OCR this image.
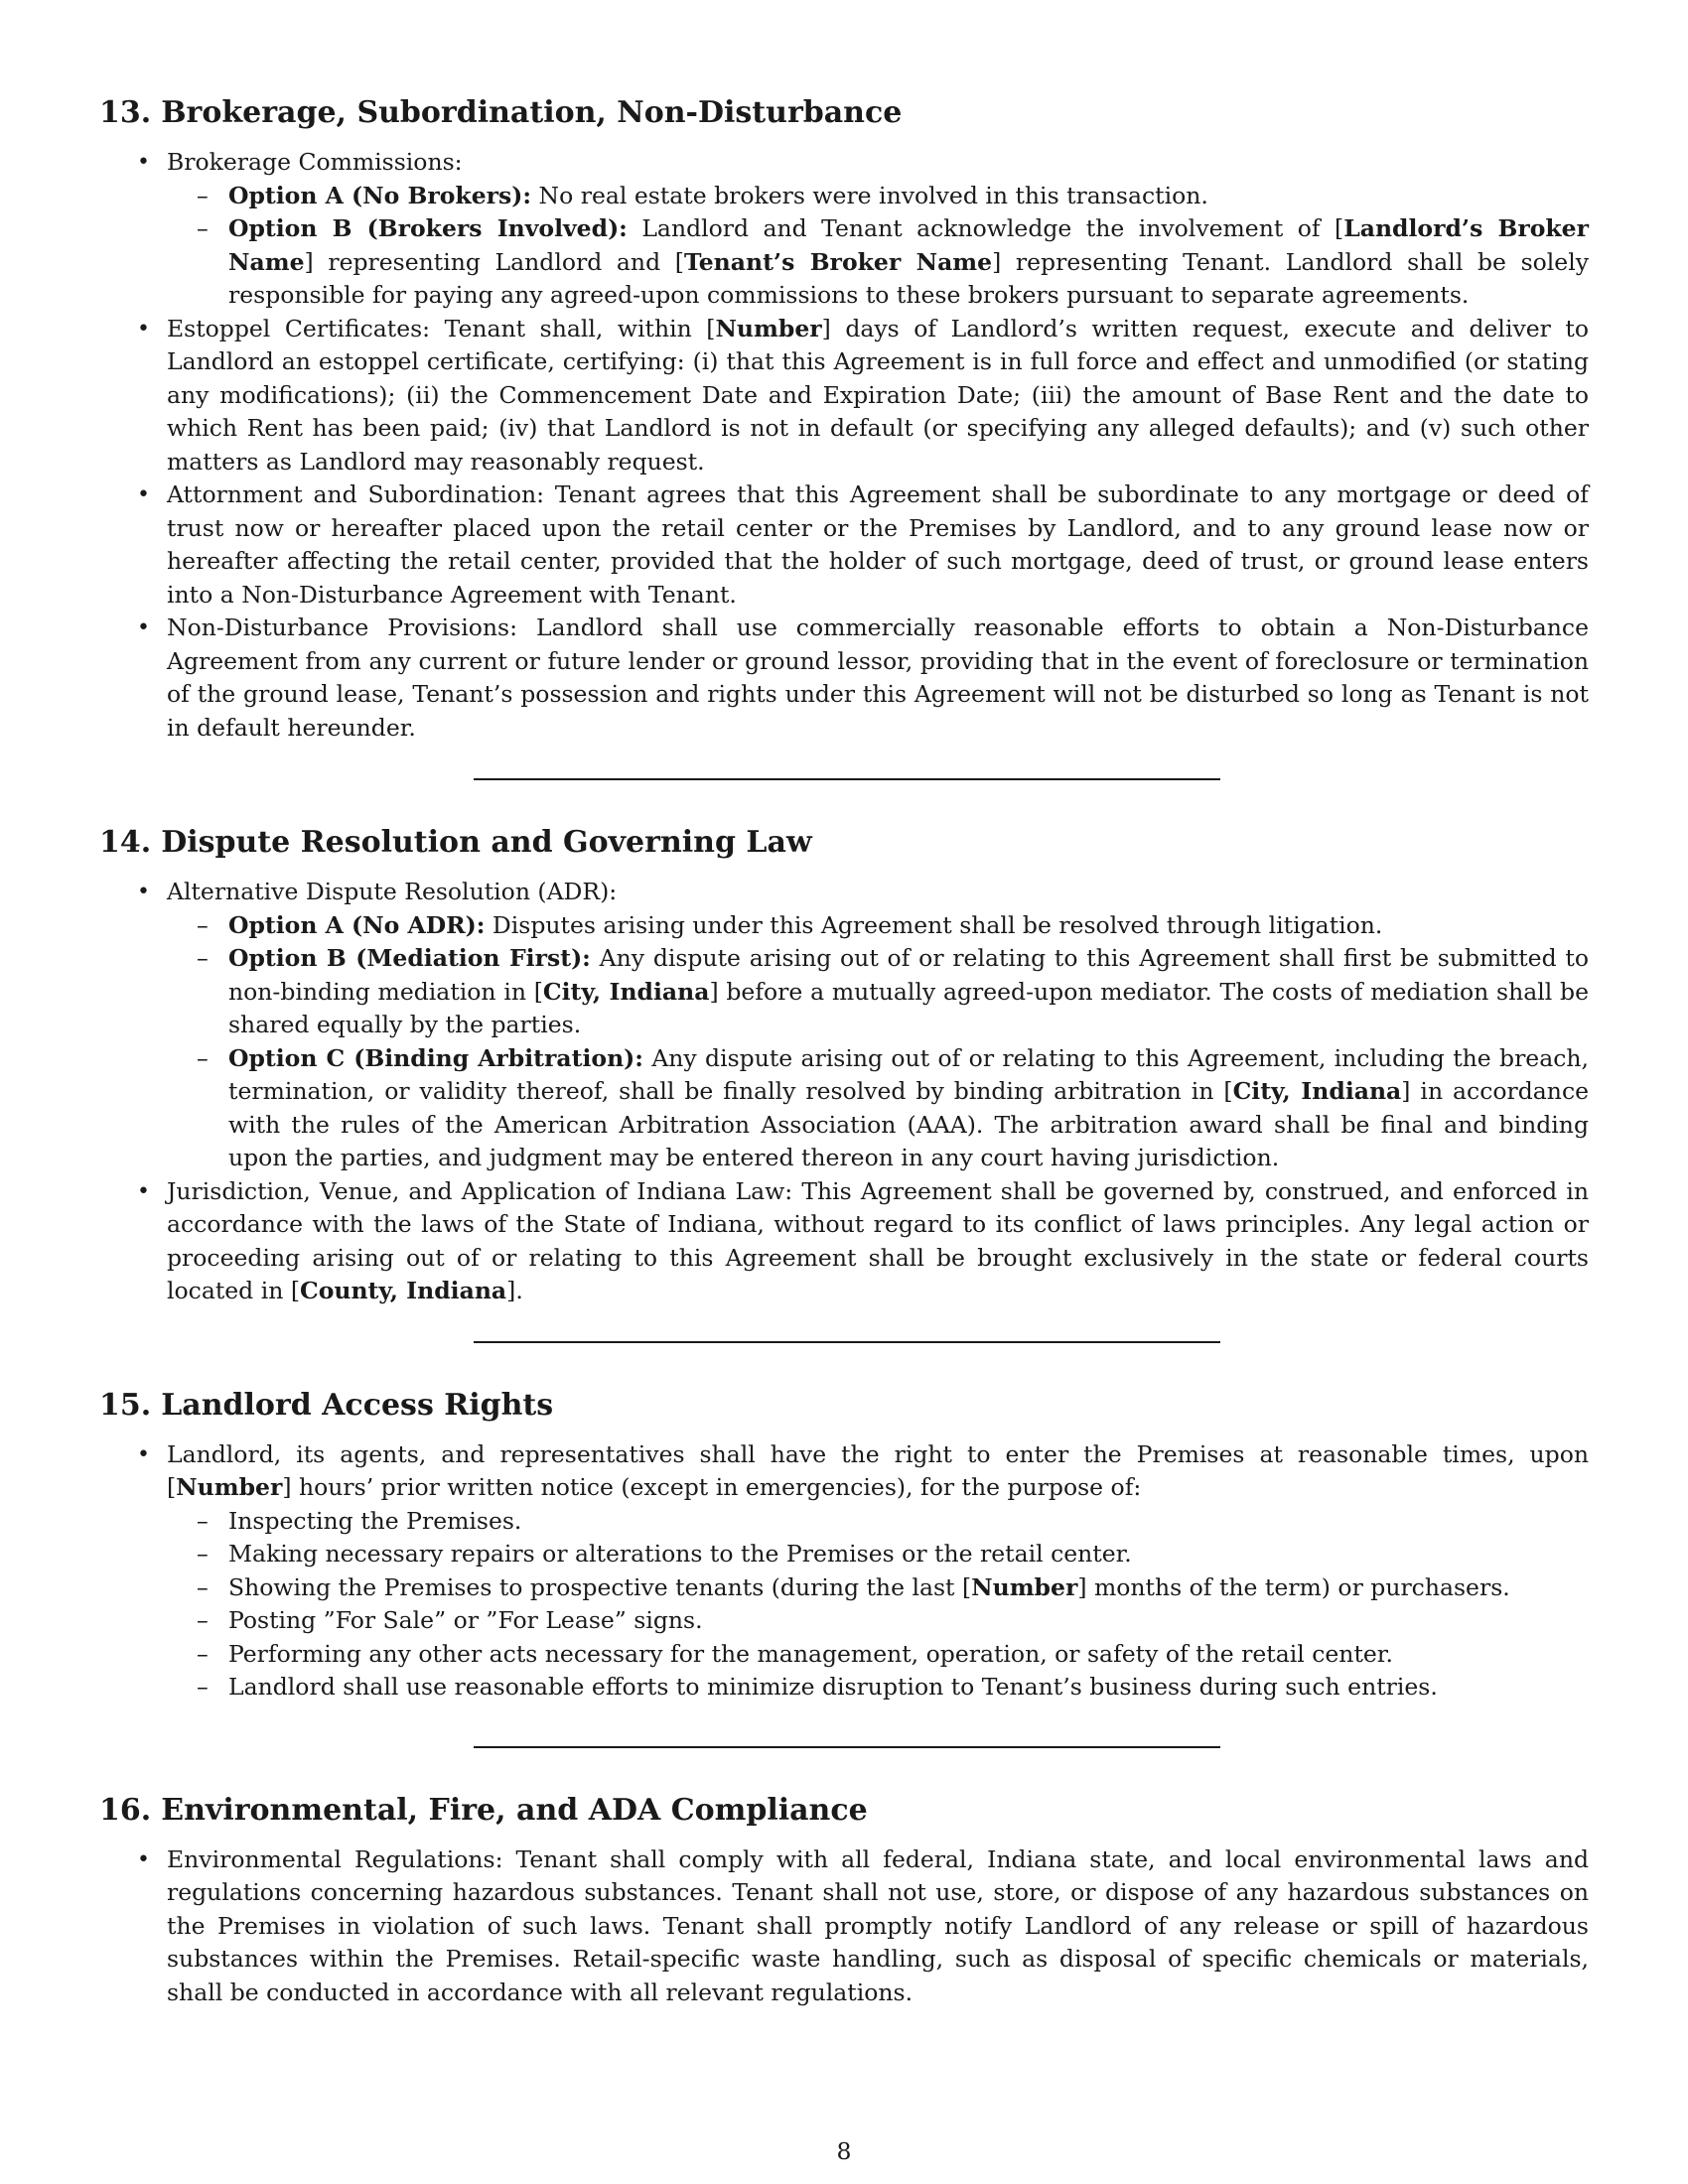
13. Brokerage, Subordination, Non-Disturbance
• Brokerage Commissions:
– Option A (No Brokers): No real estate brokers were involved in this transaction.
– Option B (Brokers Involved): Landlord and Tenant acknowledge the involvement of [Landlord’s Broker Name] representing Landlord and [Tenant’s Broker Name] representing Tenant. Landlord shall be solely responsible for paying any agreed-upon commissions to these brokers pursuant to separate agreements.
• Estoppel Certificates: Tenant shall, within [Number] days of Landlord’s written request, execute and deliver to Landlord an estoppel certificate, certifying: (i) that this Agreement is in full force and effect and unmodified (or stating any modifications); (ii) the Commencement Date and Expiration Date; (iii) the amount of Base Rent and the date to which Rent has been paid; (iv) that Landlord is not in default (or specifying any alleged defaults); and (v) such other matters as Landlord may reasonably request.
• Attornment and Subordination: Tenant agrees that this Agreement shall be subordinate to any mortgage or deed of trust now or hereafter placed upon the retail center or the Premises by Landlord, and to any ground lease now or hereafter affecting the retail center, provided that the holder of such mortgage, deed of trust, or ground lease enters into a Non-Disturbance Agreement with Tenant.
• Non-Disturbance Provisions: Landlord shall use commercially reasonable efforts to obtain a Non-Disturbance Agreement from any current or future lender or ground lessor, providing that in the event of foreclosure or termination of the ground lease, Tenant’s possession and rights under this Agreement will not be disturbed so long as Tenant is not in default hereunder.
14. Dispute Resolution and Governing Law
• Alternative Dispute Resolution (ADR):
– Option A (No ADR): Disputes arising under this Agreement shall be resolved through litigation.
– Option B (Mediation First): Any dispute arising out of or relating to this Agreement shall first be submitted to non-binding mediation in [City, Indiana] before a mutually agreed-upon mediator. The costs of mediation shall be shared equally by the parties.
– Option C (Binding Arbitration): Any dispute arising out of or relating to this Agreement, including the breach, termination, or validity thereof, shall be finally resolved by binding arbitration in [City, Indiana] in accordance with the rules of the American Arbitration Association (AAA). The arbitration award shall be final and binding upon the parties, and judgment may be entered thereon in any court having jurisdiction.
• Jurisdiction, Venue, and Application of Indiana Law: This Agreement shall be governed by, construed, and enforced in accordance with the laws of the State of Indiana, without regard to its conflict of laws principles. Any legal action or proceeding arising out of or relating to this Agreement shall be brought exclusively in the state or federal courts located in [County, Indiana].
15. Landlord Access Rights
• Landlord, its agents, and representatives shall have the right to enter the Premises at reasonable times, upon [Number] hours’ prior written notice (except in emergencies), for the purpose of:
– Inspecting the Premises.
– Making necessary repairs or alterations to the Premises or the retail center.
– Showing the Premises to prospective tenants (during the last [Number] months of the term) or purchasers.
– Posting ”For Sale” or ”For Lease” signs.
– Performing any other acts necessary for the management, operation, or safety of the retail center.
– Landlord shall use reasonable efforts to minimize disruption to Tenant’s business during such entries.
16. Environmental, Fire, and ADA Compliance
• Environmental Regulations: Tenant shall comply with all federal, Indiana state, and local environmental laws and regulations concerning hazardous substances. Tenant shall not use, store, or dispose of any hazardous substances on the Premises in violation of such laws. Tenant shall promptly notify Landlord of any release or spill of hazardous substances within the Premises. Retail-specific waste handling, such as disposal of specific chemicals or materials, shall be conducted in accordance with all relevant regulations.
8
